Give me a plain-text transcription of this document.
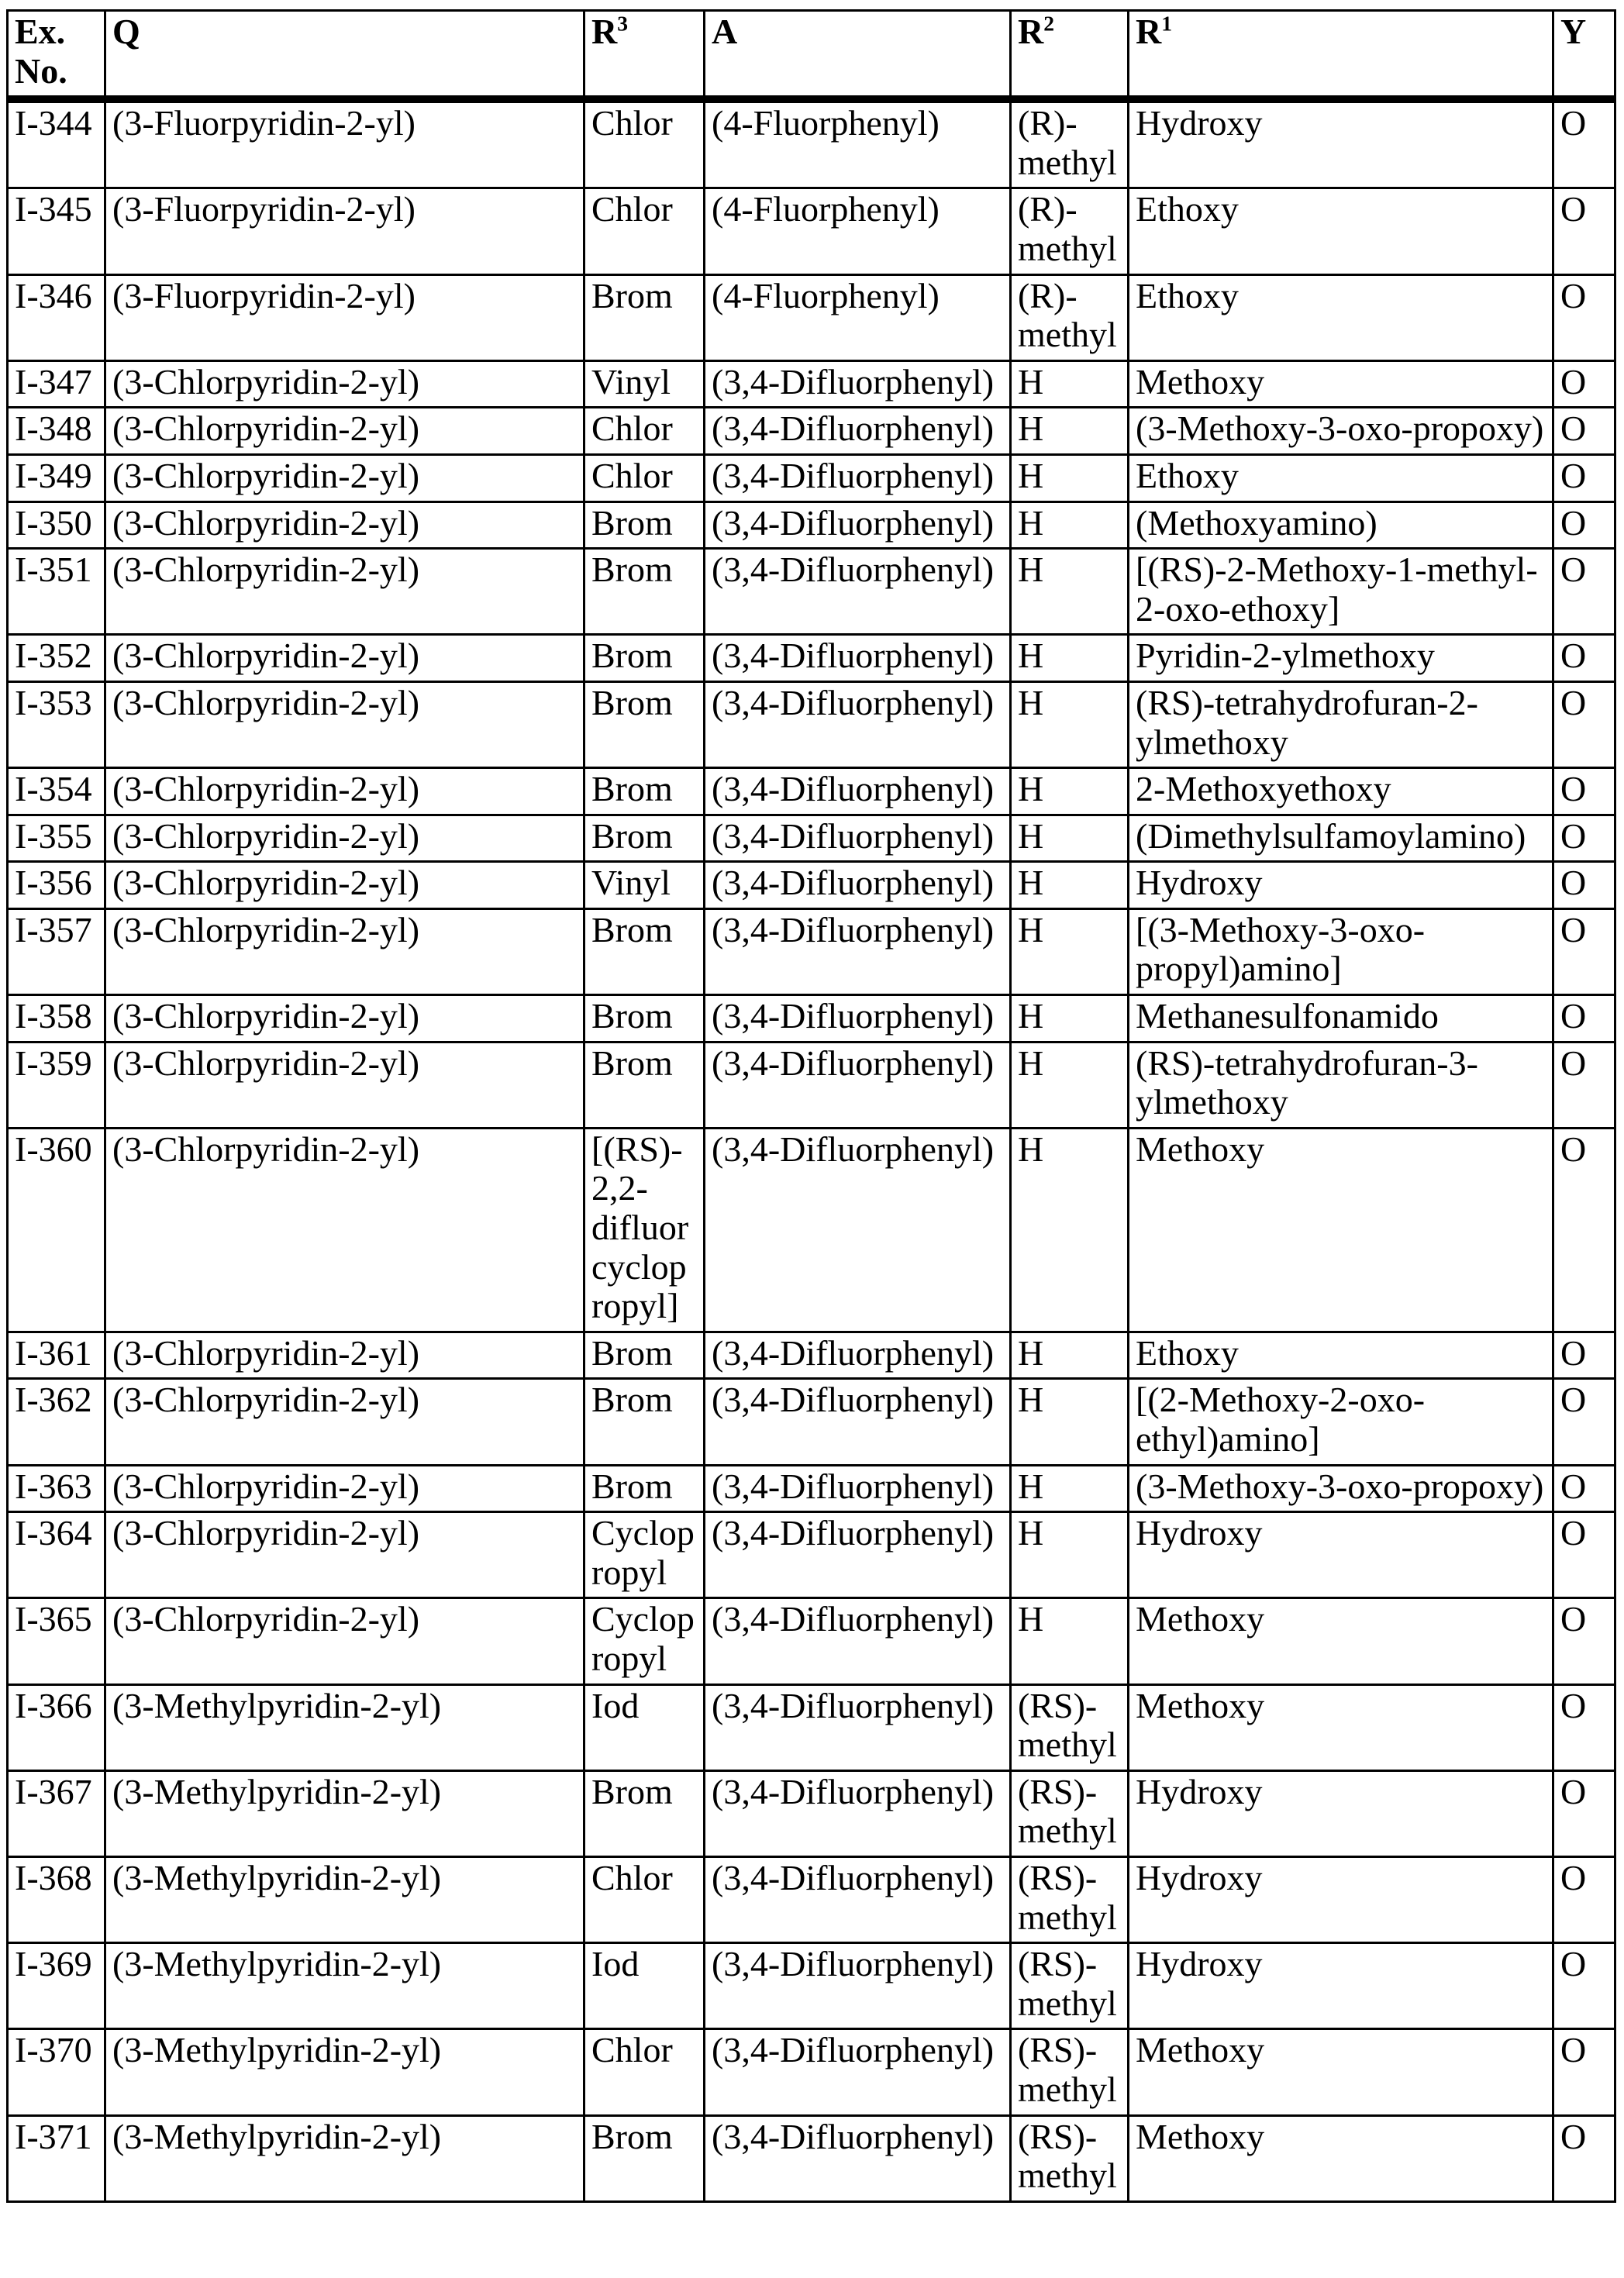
Ex. No.	Q	$R^3$	A	$R^2$	$R^1$	Y
I-344	(3-Fluorpyridin-2-yl)	Chlor	(4-Fluorphenyl)	(R)-methyl	Hydroxy	O
I-345	(3-Fluorpyridin-2-yl)	Chlor	(4-Fluorphenyl)	(R)-methyl	Ethoxy	O
I-346	(3-Fluorpyridin-2-yl)	Brom	(4-Fluorphenyl)	(R)-methyl	Ethoxy	O
I-347	(3-Chlorpyridin-2-yl)	Vinyl	(3,4-Difluorphenyl)	H	Methoxy	O
I-348	(3-Chlorpyridin-2-yl)	Chlor	(3,4-Difluorphenyl)	H	(3-Methoxy-3-oxo-propoxy)	O
I-349	(3-Chlorpyridin-2-yl)	Chlor	(3,4-Difluorphenyl)	H	Ethoxy	O
I-350	(3-Chlorpyridin-2-yl)	Brom	(3,4-Difluorphenyl)	H	(Methoxyamino)	O
I-351	(3-Chlorpyridin-2-yl)	Brom	(3,4-Difluorphenyl)	H	[(RS)-2-Methoxy-1-methyl-2-oxo-ethoxy]	O
I-352	(3-Chlorpyridin-2-yl)	Brom	(3,4-Difluorphenyl)	H	Pyridin-2-ylmethoxy	O
I-353	(3-Chlorpyridin-2-yl)	Brom	(3,4-Difluorphenyl)	H	(RS)-tetrahydrofuran-2-ylmethoxy	O
I-354	(3-Chlorpyridin-2-yl)	Brom	(3,4-Difluorphenyl)	H	2-Methoxyethoxy	O
I-355	(3-Chlorpyridin-2-yl)	Brom	(3,4-Difluorphenyl)	H	(Dimethylsulfamoylamino)	O
I-356	(3-Chlorpyridin-2-yl)	Vinyl	(3,4-Difluorphenyl)	H	Hydroxy	O
I-357	(3-Chlorpyridin-2-yl)	Brom	(3,4-Difluorphenyl)	H	[(3-Methoxy-3-oxo-propyl)amino]	O
I-358	(3-Chlorpyridin-2-yl)	Brom	(3,4-Difluorphenyl)	H	Methanesulfonamido	O
I-359	(3-Chlorpyridin-2-yl)	Brom	(3,4-Difluorphenyl)	H	(RS)-tetrahydrofuran-3-ylmethoxy	O
I-360	(3-Chlorpyridin-2-yl)	[(RS)-2,2-difluorcyclopropyl]	(3,4-Difluorphenyl)	H	Methoxy	O
I-361	(3-Chlorpyridin-2-yl)	Brom	(3,4-Difluorphenyl)	H	Ethoxy	O
I-362	(3-Chlorpyridin-2-yl)	Brom	(3,4-Difluorphenyl)	H	[(2-Methoxy-2-oxo-ethyl)amino]	O
I-363	(3-Chlorpyridin-2-yl)	Brom	(3,4-Difluorphenyl)	H	(3-Methoxy-3-oxo-propoxy)	O
I-364	(3-Chlorpyridin-2-yl)	Cyclopropyl	(3,4-Difluorphenyl)	H	Hydroxy	O
I-365	(3-Chlorpyridin-2-yl)	Cyclopropyl	(3,4-Difluorphenyl)	H	Methoxy	O
I-366	(3-Methylpyridin-2-yl)	Iod	(3,4-Difluorphenyl)	(RS)-methyl	Methoxy	O
I-367	(3-Methylpyridin-2-yl)	Brom	(3,4-Difluorphenyl)	(RS)-methyl	Hydroxy	O
I-368	(3-Methylpyridin-2-yl)	Chlor	(3,4-Difluorphenyl)	(RS)-methyl	Hydroxy	O
I-369	(3-Methylpyridin-2-yl)	Iod	(3,4-Difluorphenyl)	(RS)-methyl	Hydroxy	O
I-370	(3-Methylpyridin-2-yl)	Chlor	(3,4-Difluorphenyl)	(RS)-methyl	Methoxy	O
I-371	(3-Methylpyridin-2-yl)	Brom	(3,4-Difluorphenyl)	(RS)-methyl	Methoxy	O
